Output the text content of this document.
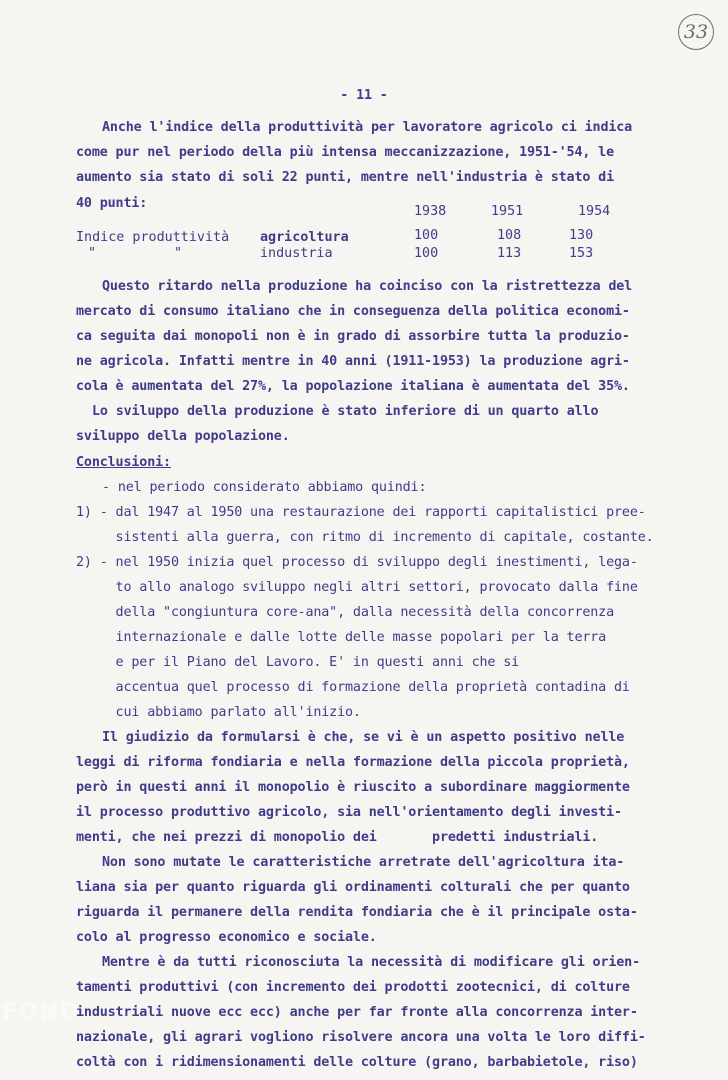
33
FOND
- 11 -
Anche l'indice della produttività per lavoratore agricolo ci indica
come pur nel periodo della più intensa meccanizzazione, 1951-'54, le
aumento sia stato di soli 22 punti, mentre nell'industria è stato di
40 punti:
1938	1951	1954
Indice produttività agricoltura	100	108	130
"	"	industria	100	113	153
Questo ritardo nella produzione ha coinciso con la ristrettezza del
mercato di consumo italiano che in conseguenza della politica economi-
ca seguita dai monopoli non è in grado di assorbire tutta la produzio-
ne agricola. Infatti mentre in 40 anni (1911-1953) la produzione agri-
cola è aumentata del 27%, la popolazione italiana è aumentata del 35%.
Lo sviluppo della produzione è stato inferiore di un quarto allo
sviluppo della popolazione.
Conclusioni:
- nel periodo considerato abbiamo quindi:
1) - dal 1947 al 1950 una restaurazione dei rapporti capitalistici pree-
sistenti alla guerra, con ritmo di incremento di capitale, costante.
2) - nel 1950 inizia quel processo di sviluppo degli inestimenti, lega-
to allo analogo sviluppo negli altri settori, provocato dalla fine
della "congiuntura core-ana", dalla necessità della concorrenza
internazionale e dalle lotte delle masse popolari per la terra
e per il Piano del Lavoro. E' in questi anni che si
accentua quel processo di formazione della proprietà contadina di
cui abbiamo parlato all'inizio.
Il giudizio da formularsi è che, se vi è un aspetto positivo nelle
leggi di riforma fondiaria e nella formazione della piccola proprietà,
però in questi anni il monopolio è riuscito a subordinare maggiormente
il processo produttivo agricolo, sia nell'orientamento degli investi-
menti, che nei prezzi di monopolio dei       predetti industriali.
Non sono mutate le caratteristiche arretrate dell'agricoltura ita-
liana sia per quanto riguarda gli ordinamenti colturali che per quanto
riguarda il permanere della rendita fondiaria che è il principale osta-
colo al progresso economico e sociale.
Mentre è da tutti riconosciuta la necessità di modificare gli orien-
tamenti produttivi (con incremento dei prodotti zootecnici, di colture
industriali nuove ecc ecc) anche per far fronte alla concorrenza inter-
nazionale, gli agrari vogliono risolvere ancora una volta le loro diffi-
coltà con i ridimensionamenti delle colture (grano, barbabietole, riso)
